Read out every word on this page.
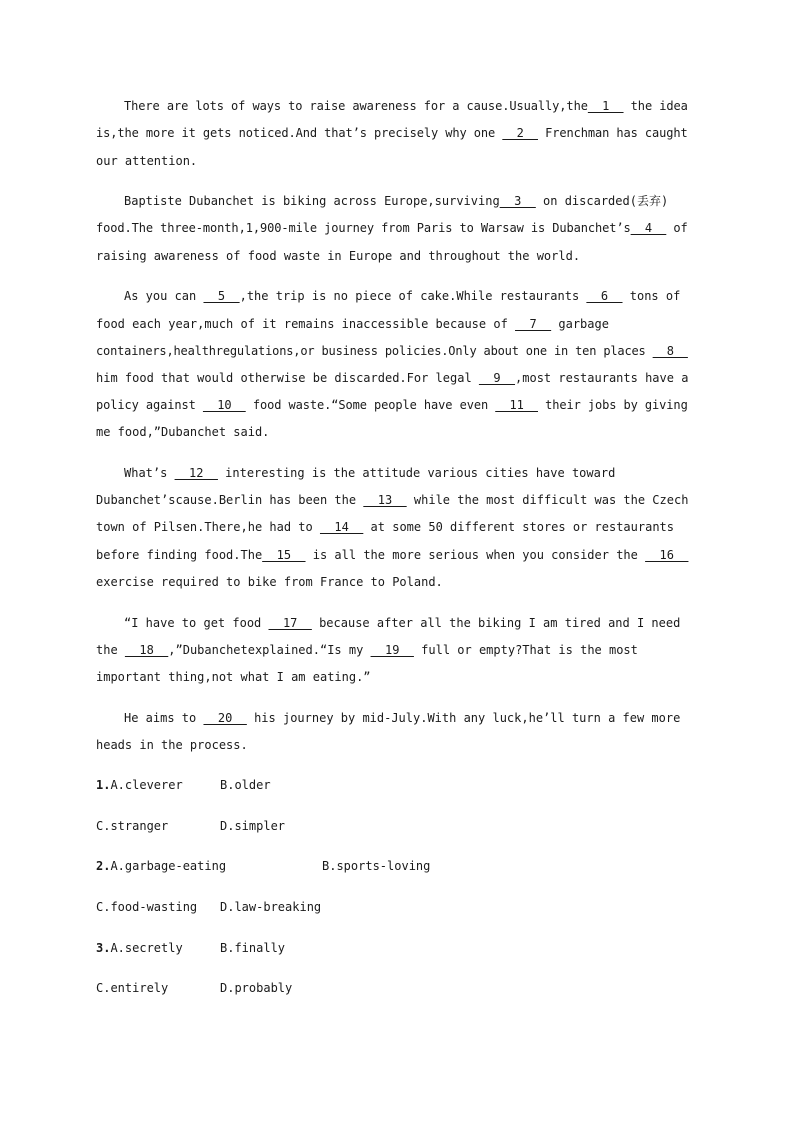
There are lots of ways to raise awareness for a cause.Usually,the  1   the idea
is,the more it gets noticed.And that’s precisely why one   2   Frenchman has caught
our attention.
Baptiste Dubanchet is biking across Europe,surviving  3   on discarded(丢弃)
food.The three-month,1,900-mile journey from Paris to Warsaw is Dubanchet’s  4   of
raising awareness of food waste in Europe and throughout the world.
As you can   5  ,the trip is no piece of cake.While restaurants   6   tons of
food each year,much of it remains inaccessible because of   7   garbage
containers,healthregulations,or business policies.Only about one in ten places   8
him food that would otherwise be discarded.For legal   9  ,most restaurants have a
policy against   10   food waste.“Some people have even   11   their jobs by giving
me food,”Dubanchet said.
What’s   12   interesting is the attitude various cities have toward
Dubanchet’scause.Berlin has been the   13   while the most difficult was the Czech
town of Pilsen.There,he had to   14   at some 50 different stores or restaurants
before finding food.The  15   is all the more serious when you consider the   16
exercise required to bike from France to Poland.
“I have to get food   17   because after all the biking I am tired and I need
the   18  ,”Dubanchetexplained.“Is my   19   full or empty?That is the most
important thing,not what I am eating.”
He aims to   20   his journey by mid-July.With any luck,he’ll turn a few more
heads in the process.
1.A.cleverer	B.older
C.stranger	D.simpler
2.A.garbage-eating	B.sports-loving
C.food-wasting D.law-breaking
3.A.secretly	B.finally
C.entirely	D.probably
